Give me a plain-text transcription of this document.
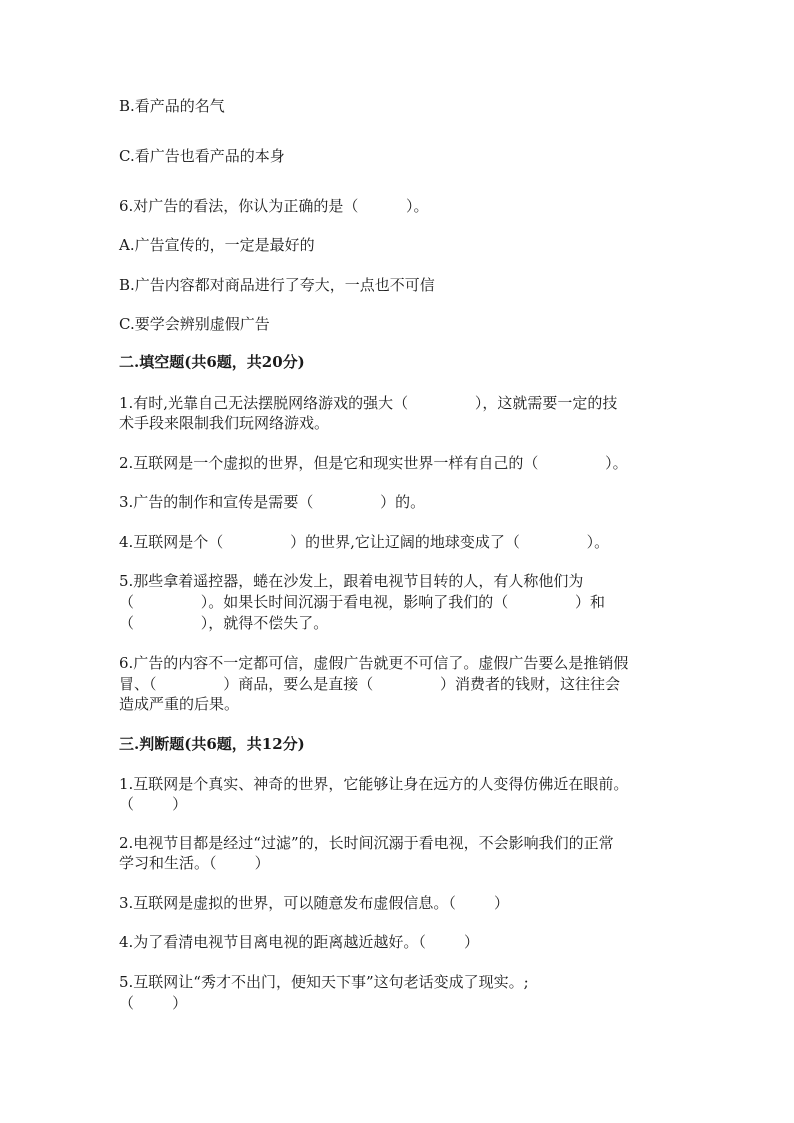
B.看产品的名气
C.看广告也看产品的本身
6.对广告的看法，你认为正确的是（          ）。
A.广告宣传的，一定是最好的
B.广告内容都对商品进行了夸大，一点也不可信
C.要学会辨别虚假广告
二.填空题(共6题，共20分)
1.有时,光靠自己无法摆脱网络游戏的强大（              ），这就需要一定的技
术手段来限制我们玩网络游戏。
2.互联网是一个虚拟的世界，但是它和现实世界一样有自己的（              ）。
3.广告的制作和宣传是需要（              ）的。
4.互联网是个（              ）的世界,它让辽阔的地球变成了（              ）。
5.那些拿着遥控器，蜷在沙发上，跟着电视节目转的人，有人称他们为
（              ）。如果长时间沉溺于看电视，影响了我们的（              ）和
（              ），就得不偿失了。
6.广告的内容不一定都可信，虚假广告就更不可信了。虚假广告要么是推销假
冒、（              ）商品，要么是直接（              ）消费者的钱财，这往往会
造成严重的后果。
三.判断题(共6题，共12分)
1.互联网是个真实、神奇的世界，它能够让身在远方的人变得仿佛近在眼前。
（        ）
2.电视节目都是经过“过滤”的，长时间沉溺于看电视，不会影响我们的正常
学习和生活。（        ）
3.互联网是虚拟的世界，可以随意发布虚假信息。（        ）
4.为了看清电视节目离电视的距离越近越好。（        ）
5.互联网让“秀才不出门，便知天下事”这句老话变成了现实。;
（        ）
